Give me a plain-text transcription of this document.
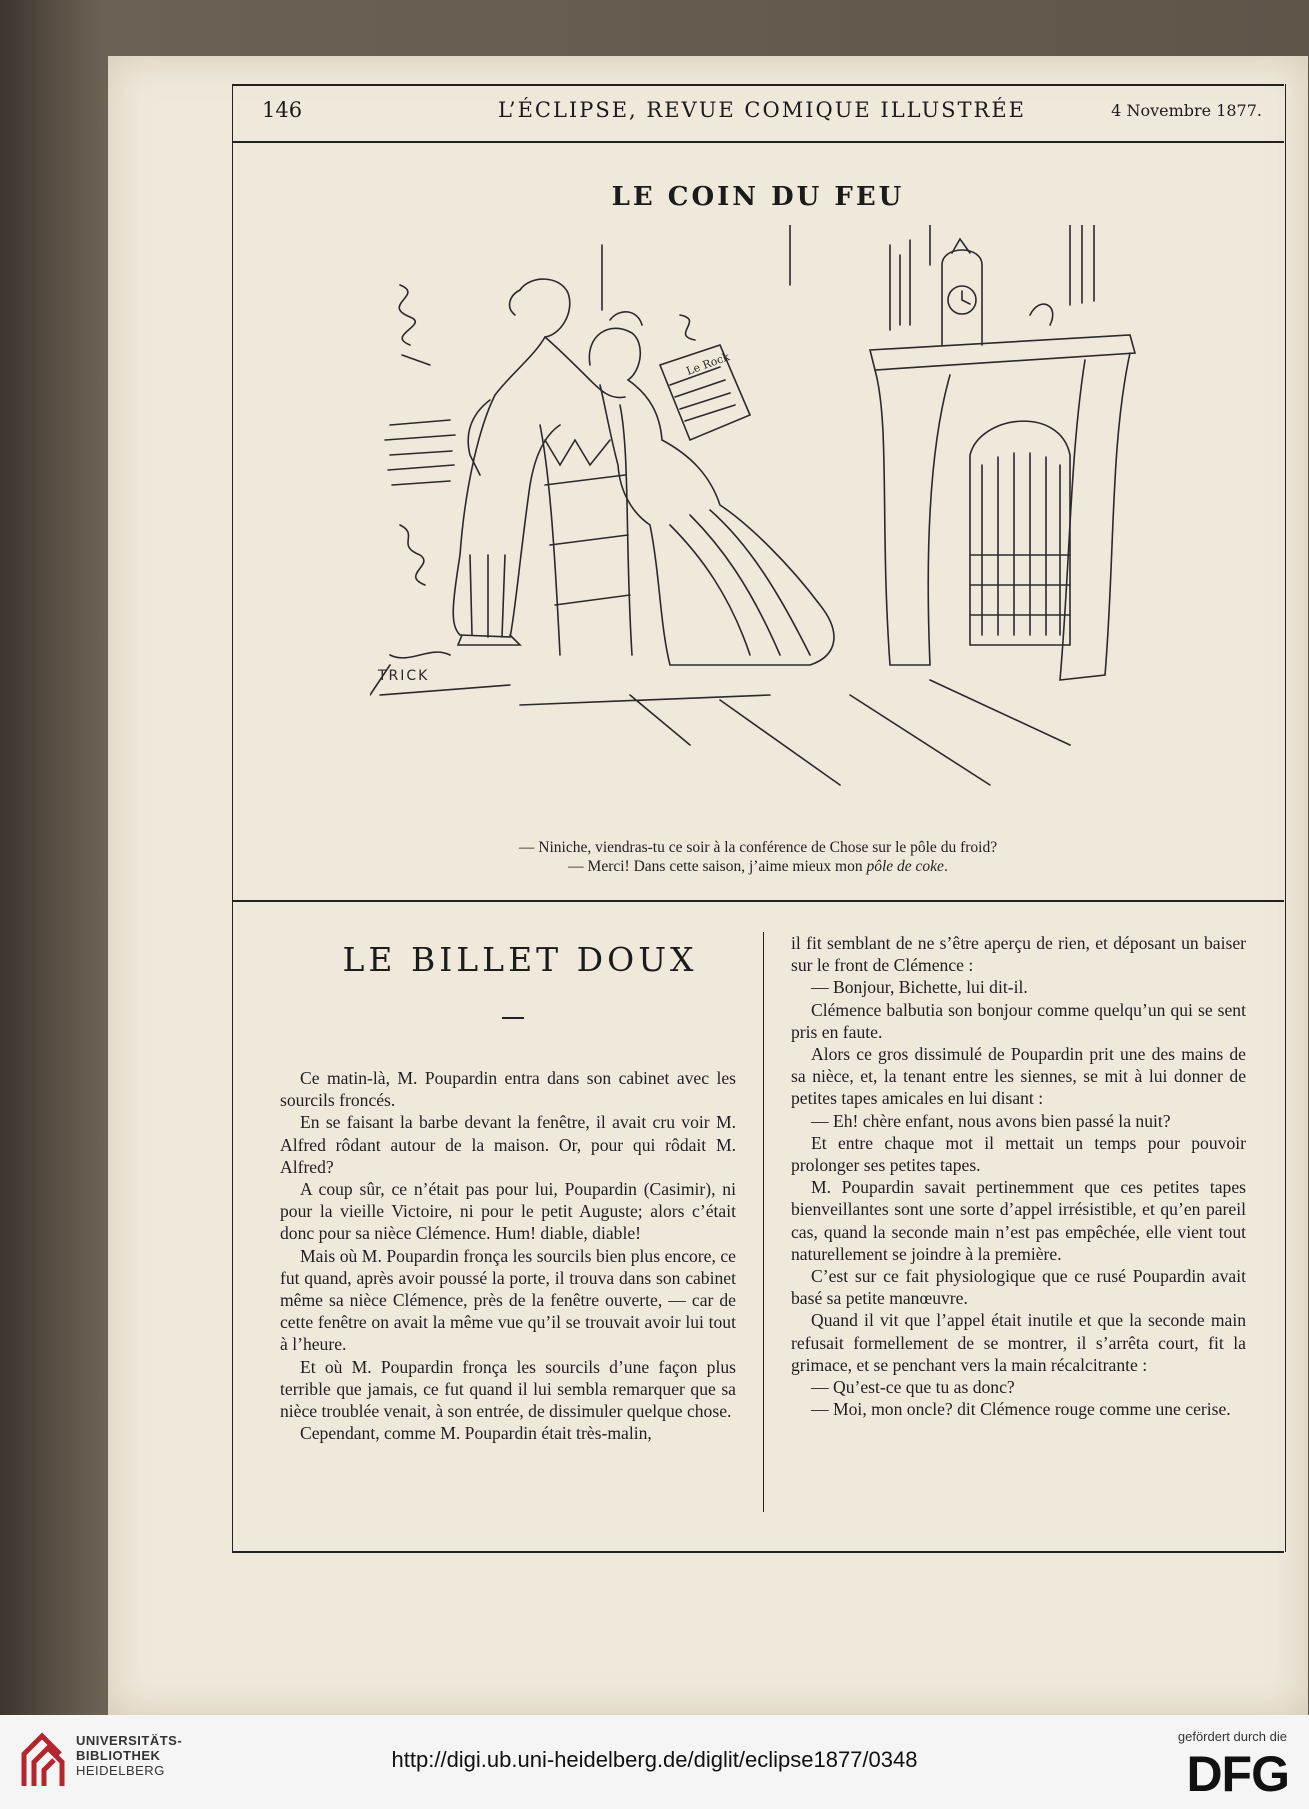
146	L’ÉCLIPSE, REVUE COMIQUE ILLUSTRÉE	4 Novembre 1877.
LE COIN DU FEU
Le Rock
TRICK
— Niniche, viendras-tu ce soir à la conférence de Chose sur le pôle du froid?
— Merci! Dans cette saison, j’aime mieux mon pôle de coke.
LE BILLET DOUX

Ce matin-là, M. Poupardin entra dans son cabinet avec les sourcils froncés.

En se faisant la barbe devant la fenêtre, il avait cru voir M. Alfred rôdant autour de la maison. Or, pour qui rôdait M. Alfred?

A coup sûr, ce n’était pas pour lui, Poupardin (Casimir), ni pour la vieille Victoire, ni pour le petit Auguste; alors c’était donc pour sa nièce Clémence. Hum! diable, diable!

Mais où M. Poupardin fronça les sourcils bien plus encore, ce fut quand, après avoir poussé la porte, il trouva dans son cabinet même sa nièce Clémence, près de la fenêtre ouverte, — car de cette fenêtre on avait la même vue qu’il se trouvait avoir lui tout à l’heure.

Et où M. Poupardin fronça les sourcils d’une façon plus terrible que jamais, ce fut quand il lui sembla remarquer que sa nièce troublée venait, à son entrée, de dissimuler quelque chose.

Cependant, comme M. Poupardin était très-malin,

il fit semblant de ne s’être aperçu de rien, et déposant un baiser sur le front de Clémence :

— Bonjour, Bichette, lui dit-il.

Clémence balbutia son bonjour comme quelqu’un qui se sent pris en faute.

Alors ce gros dissimulé de Poupardin prit une des mains de sa nièce, et, la tenant entre les siennes, se mit à lui donner de petites tapes amicales en lui disant :

— Eh! chère enfant, nous avons bien passé la nuit?

Et entre chaque mot il mettait un temps pour pouvoir prolonger ses petites tapes.

M. Poupardin savait pertinemment que ces petites tapes bienveillantes sont une sorte d’appel irrésistible, et qu’en pareil cas, quand la seconde main n’est pas empêchée, elle vient tout naturellement se joindre à la première.

C’est sur ce fait physiologique que ce rusé Poupardin avait basé sa petite manœuvre.

Quand il vit que l’appel était inutile et que la seconde main refusait formellement de se montrer, il s’arrêta court, fit la grimace, et se penchant vers la main récalcitrante :

— Qu’est-ce que tu as donc?

— Moi, mon oncle? dit Clémence rouge comme une cerise.

UNIVERSITÄTS-
BIBLIOTHEK
HEIDELBERG	http://digi.ub.uni-heidelberg.de/diglit/eclipse1877/0348
gefördert durch die
DFG
